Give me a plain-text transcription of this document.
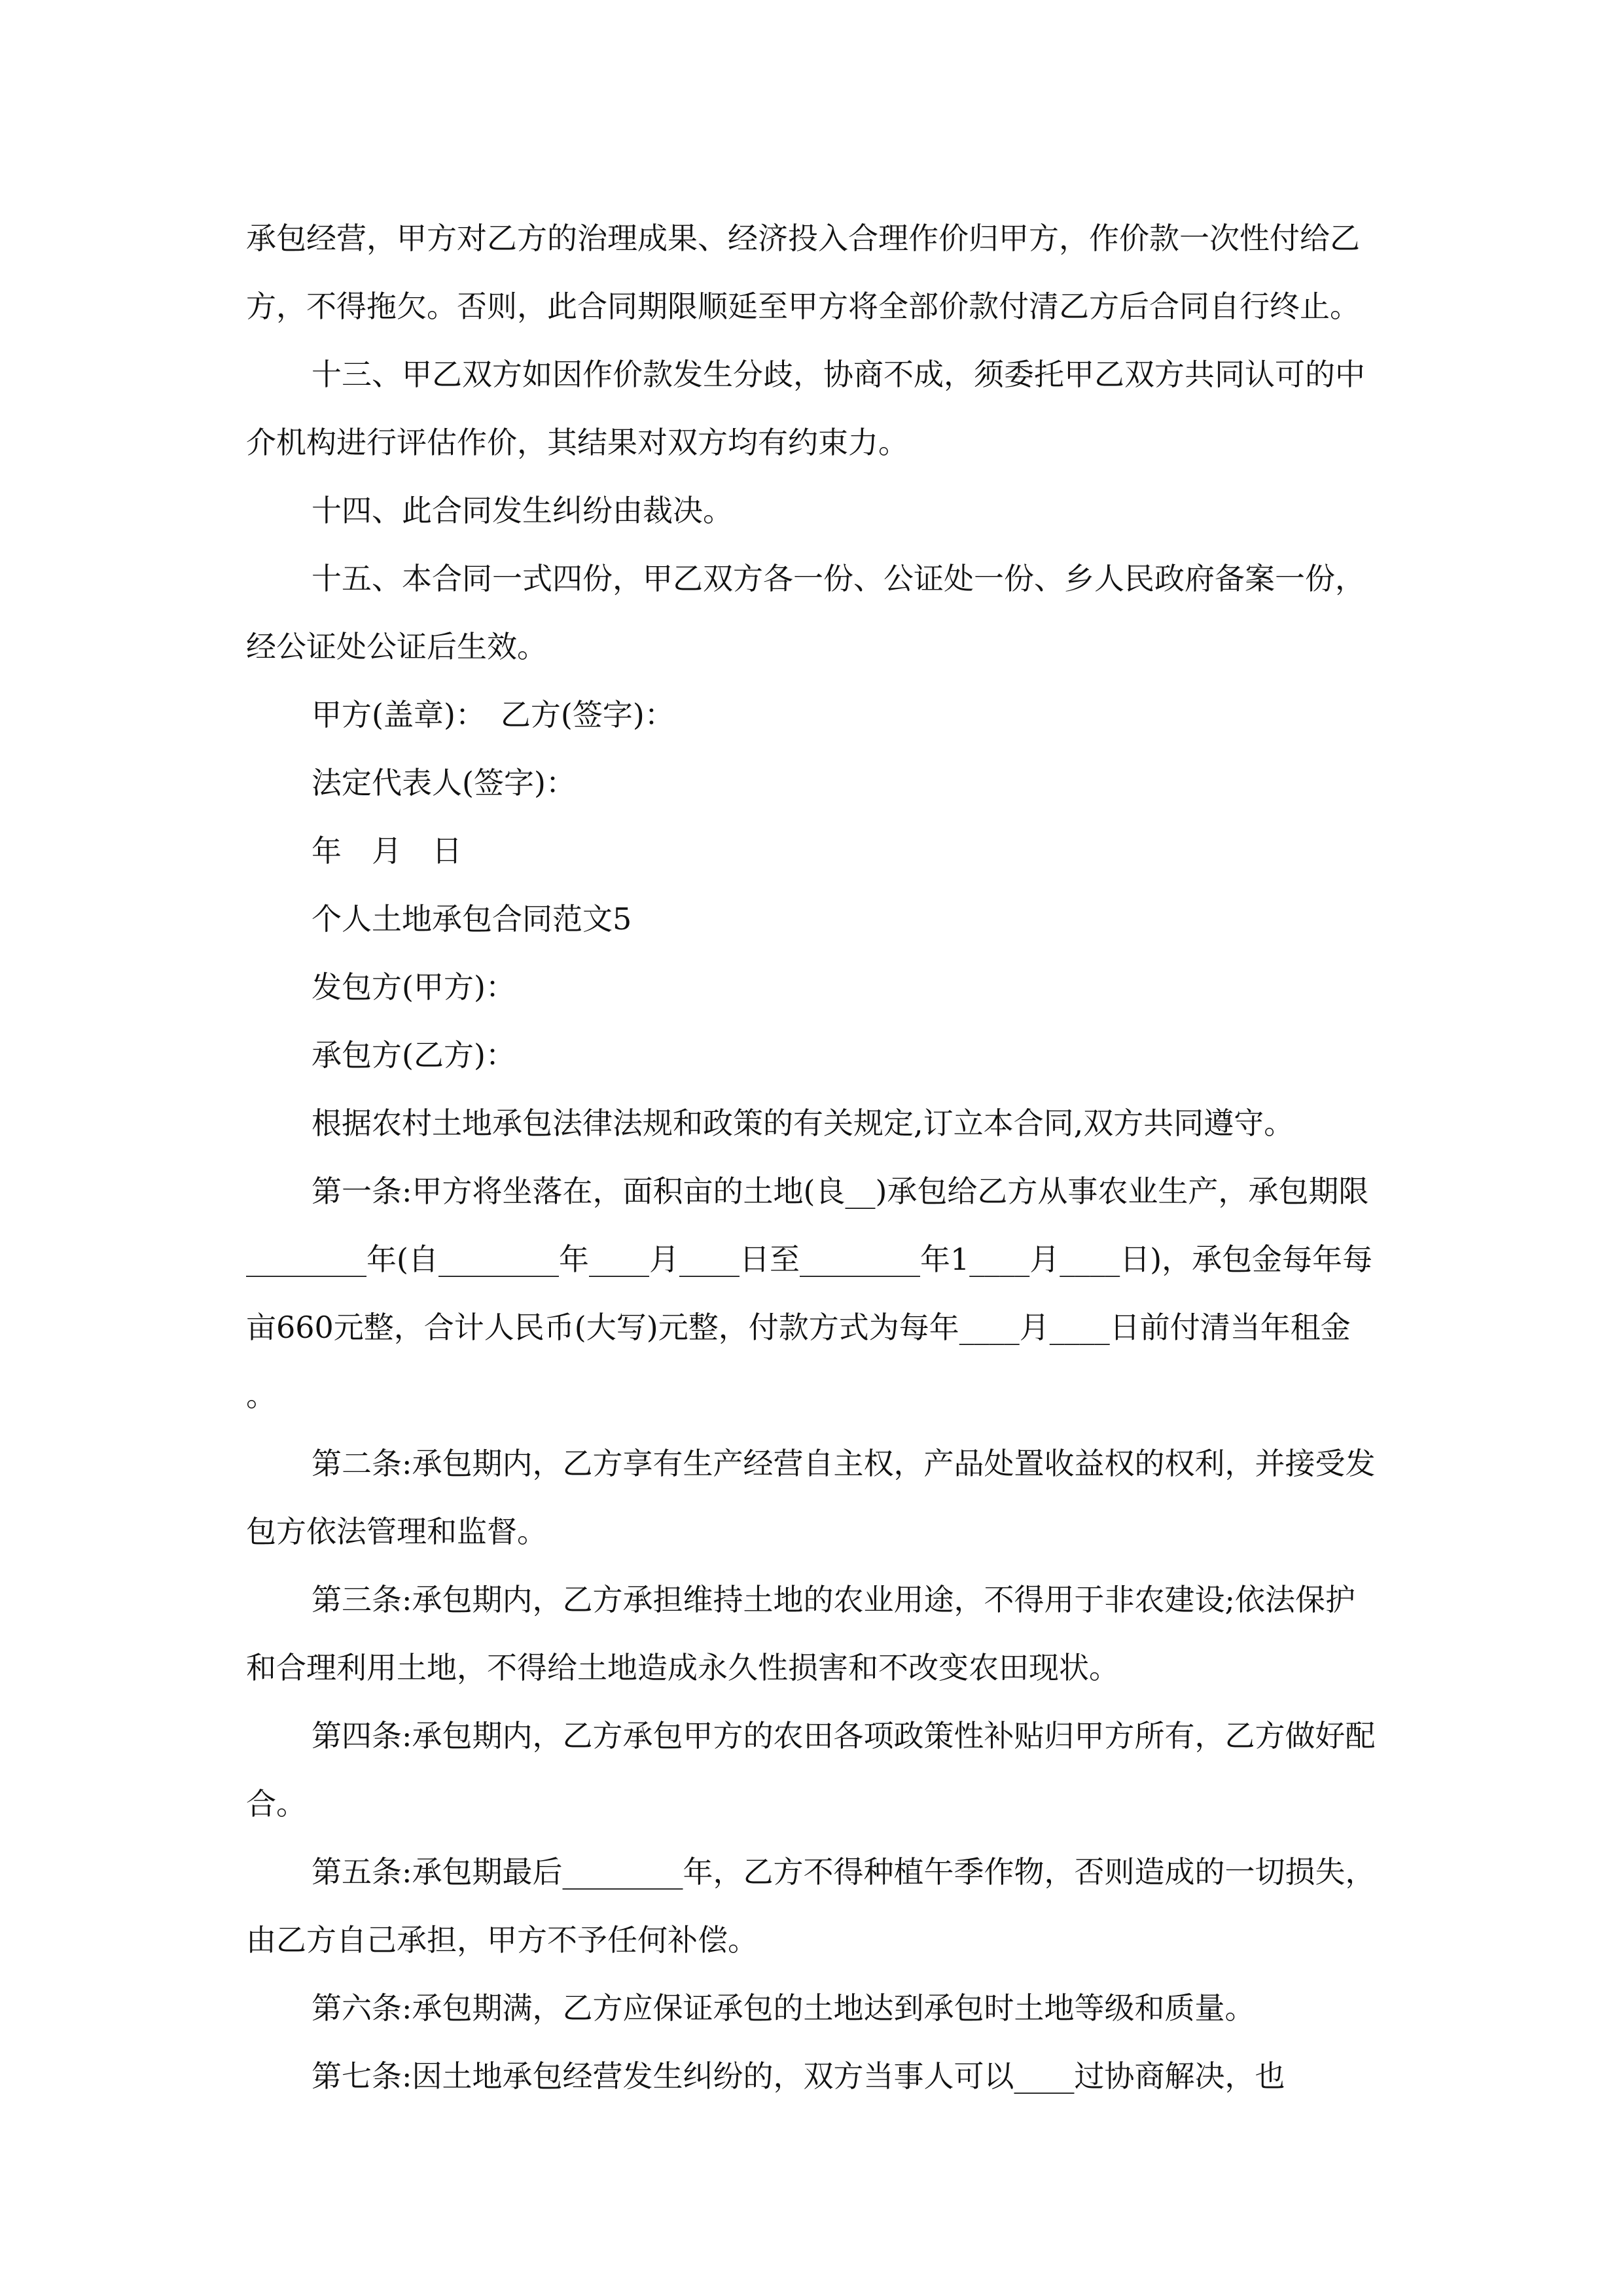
承包经营，甲方对乙方的治理成果、经济投入合理作价归甲方，作价款一次性付给乙方，不得拖欠。否则，此合同期限顺延至甲方将全部价款付清乙方后合同自行终止。

十三、甲乙双方如因作价款发生分歧，协商不成，须委托甲乙双方共同认可的中介机构进行评估作价，其结果对双方均有约束力。

十四、此合同发生纠纷由裁决。

十五、本合同一式四份，甲乙双方各一份、公证处一份、乡人民政府备案一份，经公证处公证后生效。

甲方(盖章)：　乙方(签字)：

法定代表人(签字)：

年　月　日

个人土地承包合同范文5

发包方(甲方)：

承包方(乙方)：

根据农村土地承包法律法规和政策的有关规定,订立本合同,双方共同遵守。

第一条:甲方将坐落在，面积亩的土地(良__)承包给乙方从事农业生产，承包期限________年(自________年____月____日至________年1____月____日)，承包金每年每亩660元整，合计人民币(大写)元整，付款方式为每年____月____日前付清当年租金。

第二条:承包期内，乙方享有生产经营自主权，产品处置收益权的权利，并接受发包方依法管理和监督。

第三条:承包期内，乙方承担维持土地的农业用途，不得用于非农建设;依法保护和合理利用土地，不得给土地造成永久性损害和不改变农田现状。

第四条:承包期内，乙方承包甲方的农田各项政策性补贴归甲方所有，乙方做好配合。

第五条:承包期最后________年，乙方不得种植午季作物，否则造成的一切损失，由乙方自己承担，甲方不予任何补偿。

第六条:承包期满，乙方应保证承包的土地达到承包时土地等级和质量。

第七条:因土地承包经营发生纠纷的，双方当事人可以____过协商解决，也
